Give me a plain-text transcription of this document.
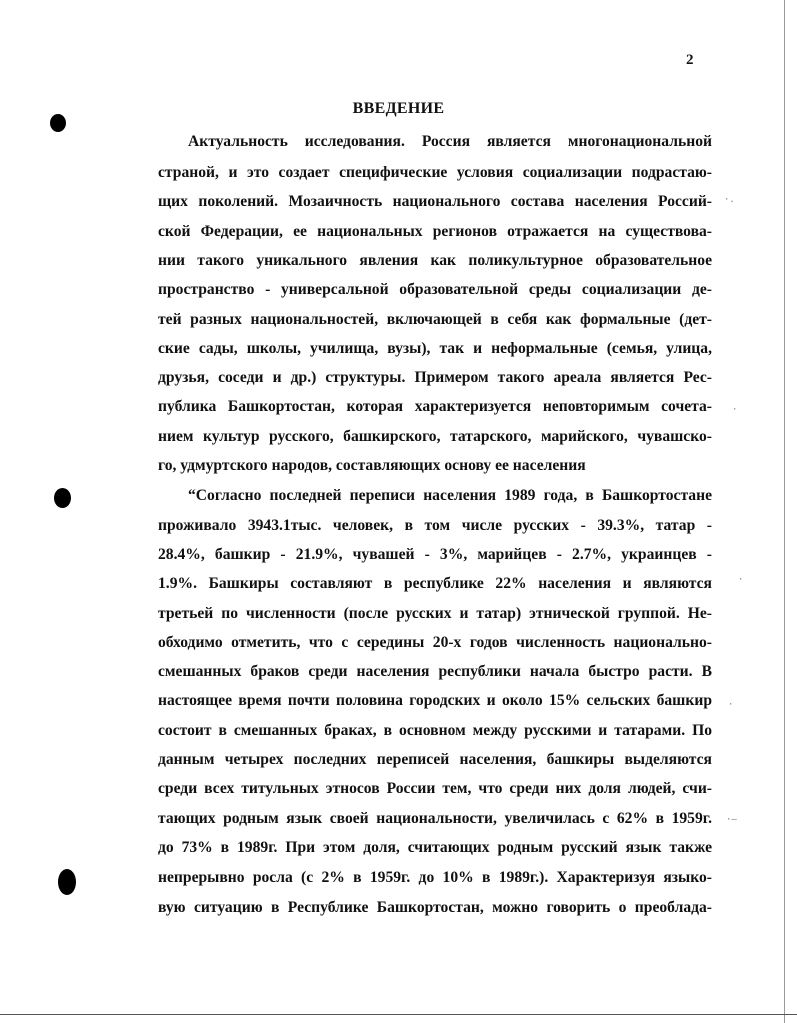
2
ВВЕДЕНИЕ
Актуальность исследования. Россия является многонациональной
страной, и это создает специфические условия социализации подрастаю-
щих поколений. Мозаичность национального состава населения Россий-
ской Федерации, ее национальных регионов отражается на существова-
нии такого уникального явления как поликультурное образовательное
пространство - универсальной образовательной среды социализации де-
тей разных национальностей, включающей в себя как формальные (дет-
ские сады, школы, училища, вузы), так и неформальные (семья, улица,
друзья, соседи и др.) структуры. Примером такого ареала является Рес-
публика Башкортостан, которая характеризуется неповторимым сочета-
нием культур русского, башкирского, татарского, марийского, чувашско-
го, удмуртского народов, составляющих основу ее населения
“Согласно последней переписи населения 1989 года, в Башкортостане
проживало 3943.1тыс. человек, в том числе русских - 39.3%, татар -
28.4%, башкир - 21.9%, чувашей - 3%, марийцев - 2.7%, украинцев -
1.9%. Башкиры составляют в республике 22% населения и являются
третьей по численности (после русских и татар) этнической группой. Не-
обходимо отметить, что с середины 20-х годов численность национально-
смешанных браков среди населения республики начала быстро расти. В
настоящее время почти половина городских и около 15% сельских башкир
состоит в смешанных браках, в основном между русскими и татарами. По
данным четырех последних переписей населения, башкиры выделяются
среди всех титульных этносов России тем, что среди них доля людей, счи-
тающих родным язык своей национальности, увеличилась с 62% в 1959г.
до 73% в 1989г. При этом доля, считающих родным русский язык также
непрерывно росла (с 2% в 1959г. до 10% в 1989г.). Характеризуя языко-
вую ситуацию в Республике Башкортостан, можно говорить о преоблада-
·.
·
·
·
·—
